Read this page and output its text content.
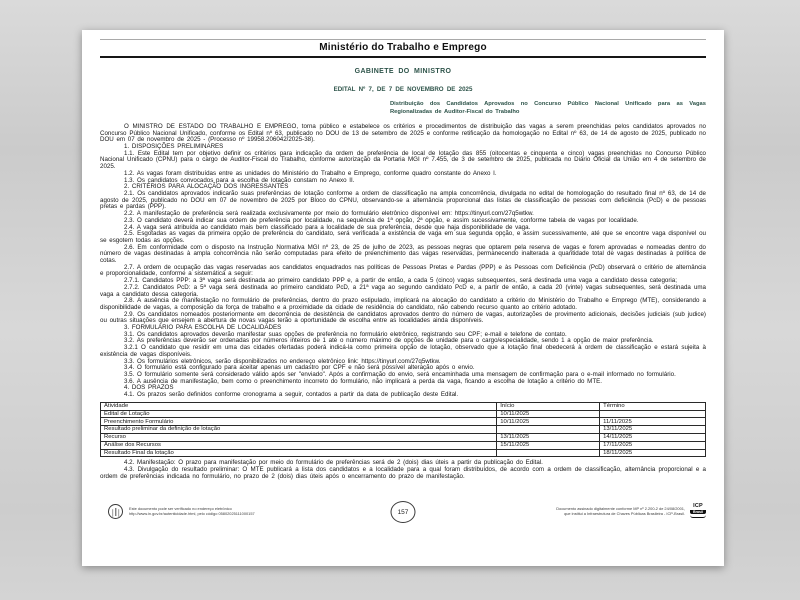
Ministério do Trabalho e Emprego
GABINETE DO MINISTRO
EDITAL Nº 7, DE 7 DE NOVEMBRO DE 2025
Distribuição dos Candidatos Aprovados no Concurso Público Nacional Unificado para as Vagas Regionalizadas de Auditor-Fiscal do Trabalho

O MINISTRO DE ESTADO DO TRABALHO E EMPREGO, torna público e estabelece os critérios e procedimentos de distribuição das vagas a serem preenchidas pelos candidatos aprovados no Concurso Público Nacional Unificado, conforme os Edital nº 63, publicado no DOU de 13 de setembro de 2025 e conforme retificação da homologação no Edital nº 63, de 14 de agosto de 2025, publicado no DOU em 07 de novembro de 2025 - (Processo nº 19958.206042/2025-38).

1. DISPOSIÇÕES PRELIMINARES

1.1. Este Edital tem por objetivo definir os critérios para indicação da ordem de preferência de local de lotação das 855 (oitocentas e cinquenta e cinco) vagas preenchidas no Concurso Público Nacional Unificado (CPNU) para o cargo de Auditor-Fiscal do Trabalho, conforme autorização da Portaria MGI nº 7.455, de 3 de setembro de 2025, publicada no Diário Oficial da União em 4 de setembro de 2025.

1.2. As vagas foram distribuídas entre as unidades do Ministério do Trabalho e Emprego, conforme quadro constante do Anexo I.

1.3. Os candidatos convocados para a escolha de lotação constam no Anexo II.

2. CRITÉRIOS PARA ALOCAÇÃO DOS INGRESSANTES

2.1. Os candidatos aprovados indicarão suas preferências de lotação conforme a ordem de classificação na ampla concorrência, divulgada no edital de homologação do resultado final nº 63, de 14 de agosto de 2025, publicado no DOU em 07 de novembro de 2025 por Bloco do CPNU, observando-se a alternância proporcional das listas de classificação de pessoas com deficiência (PcD) e de pessoas pretas e pardas (PPP).

2.2. A manifestação de preferência será realizada exclusivamente por meio do formulário eletrônico disponível em: https://tinyurl.com/27q5wtkw.

2.3. O candidato deverá indicar sua ordem de preferência por localidade, na sequência de 1ª opção, 2ª opção, e assim sucessivamente, conforme tabela de vagas por localidade.

2.4. A vaga será atribuída ao candidato mais bem classificado para a localidade de sua preferência, desde que haja disponibilidade de vaga.

2.5. Esgotadas as vagas da primeira opção de preferência do candidato, será verificada a existência de vaga em sua segunda opção, e assim sucessivamente, até que se encontre vaga disponível ou se esgotem todas as opções.

2.6. Em conformidade com o disposto na Instrução Normativa MGI nº 23, de 25 de julho de 2023, as pessoas negras que optarem pela reserva de vagas e forem aprovadas e nomeadas dentro do número de vagas destinadas à ampla concorrência não serão computadas para efeito de preenchimento das vagas reservadas, permanecendo inalterada a quantidade total de vagas destinadas à política de cotas.

2.7. A ordem de ocupação das vagas reservadas aos candidatos enquadrados nas políticas de Pessoas Pretas e Pardas (PPP) e às Pessoas com Deficiência (PcD) observará o critério de alternância e proporcionalidade, conforme a sistemática a seguir:

2.7.1. Candidatos PPP: a 3ª vaga será destinada ao primeiro candidato PPP e, a partir de então, a cada 5 (cinco) vagas subsequentes, será destinada uma vaga a candidato dessa categoria;

2.7.2. Candidatos PcD: a 5ª vaga será destinada ao primeiro candidato PcD, a 21ª vaga ao segundo candidato PcD e, a partir de então, a cada 20 (vinte) vagas subsequentes, será destinada uma vaga a candidato dessa categoria.

2.8. A ausência de manifestação no formulário de preferências, dentro do prazo estipulado, implicará na alocação do candidato a critério do Ministério do Trabalho e Emprego (MTE), considerando a disponibilidade de vagas, a composição da força de trabalho e a proximidade da cidade de residência do candidato, não cabendo recurso quanto ao critério adotado.

2.9. Os candidatos nomeados posteriormente em decorrência de desistência de candidatos aprovados dentro do número de vagas, autorizações de provimento adicionais, decisões judiciais (sub judice) ou outras situações que ensejem a abertura de novas vagas terão a oportunidade de escolha entre as localidades ainda disponíveis.

3. FORMULÁRIO PARA ESCOLHA DE LOCALIDADES

3.1. Os candidatos aprovados deverão manifestar suas opções de preferência no formulário eletrônico, registrando seu CPF; e-mail e telefone de contato.

3.2. As preferências deverão ser ordenadas por números inteiros de 1 até o número máximo de opções de unidade para o cargo/especialidade, sendo 1 a opção de maior preferência.

3.2.1 O candidato que residir em uma das cidades ofertadas poderá indicá-la como primeira opção de lotação, observado que a lotação final obedecerá à ordem de classificação e estará sujeita à existência de vagas disponíveis.

3.3. Os formulários eletrônicos, serão disponibilizados no endereço eletrônico link: https://tinyurl.com/27q5wtkw.

3.4. O formulário está configurado para aceitar apenas um cadastro por CPF e não será possível alteração após o envio.

3.5. O formulário somente será considerado válido após ser "enviado". Após a confirmação do envio, será encaminhada uma mensagem de confirmação para o e-mail informado no formulário.

3.6. A ausência de manifestação, bem como o preenchimento incorreto do formulário, não implicará a perda da vaga, ficando a escolha de lotação a critério do MTE.

4. DOS PRAZOS

4.1. Os prazos serão definidos conforme cronograma a seguir, contados a partir da data de publicação deste Edital.

Atividade	Início	Término
Edital de Lotação	10/11/2025	
Preenchimento Formulário	10/11/2025	11/11/2025
Resultado preliminar da definição de lotação		13/11/2025
Recurso	13/11/2025	14/11/2025
Análise dos Recursos	15/11/2025	17/11/2025
Resultado Final da lotação		18/11/2025

4.2. Manifestação: O prazo para manifestação por meio do formulário de preferências será de 2 (dois) dias úteis a partir da publicação do Edital.

4.3. Divulgação do resultado preliminar: O MTE publicará a lista dos candidatos e a localidade para a qual foram distribuídos, de acordo com a ordem de classificação, alternância proporcional e a ordem de preferências indicada no formulário, no prazo de 2 (dois) dias úteis após o encerramento do prazo de manifestação.

Este documento pode ser verificado no endereço eletrônico
http://www.in.gov.br/autenticidade.html, pelo código 05802025111000157	157	Documento assinado digitalmente conforme MP nº 2.200-2 de 24/08/2001,
que institui a Infraestrutura de Chaves Públicas Brasileira - ICP-Brasil.
ICP
Brasil
